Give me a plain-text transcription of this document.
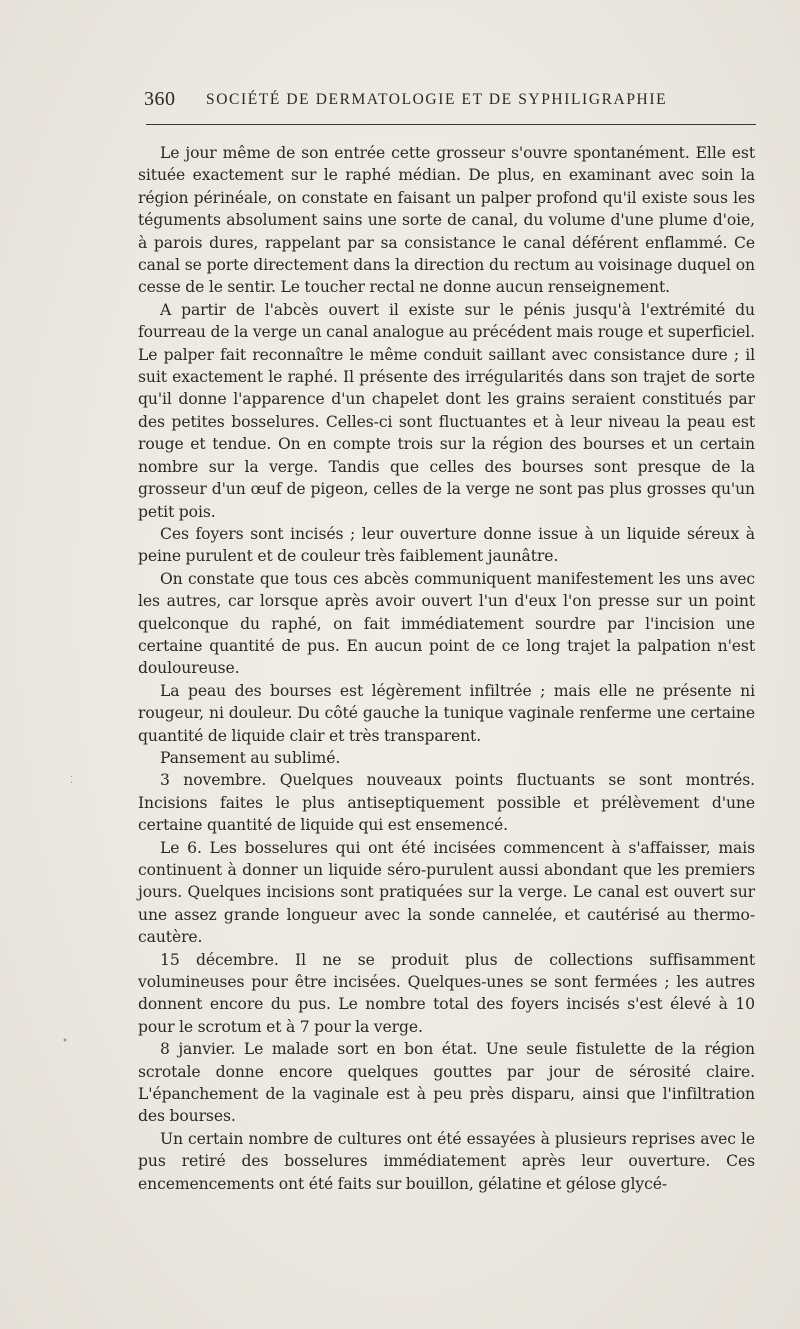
360 SOCIÉTÉ DE DERMATOLOGIE ET DE SYPHILIGRAPHIE

Le jour même de son entrée cette grosseur s'ouvre spontanément. Elle est située exactement sur le raphé médian. De plus, en examinant avec soin la région périnéale, on constate en faisant un palper profond qu'il existe sous les téguments absolument sains une sorte de canal, du volume d'une plume d'oie, à parois dures, rappelant par sa consistance le canal déférent enflammé. Ce canal se porte directement dans la direction du rectum au voisinage duquel on cesse de le sentir. Le toucher rectal ne donne aucun renseignement.

A partir de l'abcès ouvert il existe sur le pénis jusqu'à l'extrémité du fourreau de la verge un canal analogue au précédent mais rouge et superficiel. Le palper fait reconnaître le même conduit saillant avec consistance dure ; il suit exactement le raphé. Il présente des irrégularités dans son trajet de sorte qu'il donne l'apparence d'un chapelet dont les grains seraient constitués par des petites bosselures. Celles-ci sont fluctuantes et à leur niveau la peau est rouge et tendue. On en compte trois sur la région des bourses et un certain nombre sur la verge. Tandis que celles des bourses sont presque de la grosseur d'un œuf de pigeon, celles de la verge ne sont pas plus grosses qu'un petit pois.

Ces foyers sont incisés ; leur ouverture donne issue à un liquide séreux à peine purulent et de couleur très faiblement jaunâtre.

On constate que tous ces abcès communiquent manifestement les uns avec les autres, car lorsque après avoir ouvert l'un d'eux l'on presse sur un point quelconque du raphé, on fait immédiatement sourdre par l'incision une certaine quantité de pus. En aucun point de ce long trajet la palpation n'est douloureuse.

La peau des bourses est légèrement infiltrée ; mais elle ne présente ni rougeur, ni douleur. Du côté gauche la tunique vaginale renferme une certaine quantité de liquide clair et très transparent.

Pansement au sublimé.

3 novembre. Quelques nouveaux points fluctuants se sont montrés. Incisions faites le plus antiseptiquement possible et prélèvement d'une certaine quantité de liquide qui est ensemencé.

Le 6. Les bosselures qui ont été incisées commencent à s'affaisser, mais continuent à donner un liquide séro-purulent aussi abondant que les premiers jours. Quelques incisions sont pratiquées sur la verge. Le canal est ouvert sur une assez grande longueur avec la sonde cannelée, et cautérisé au thermo-cautère.

15 décembre. Il ne se produit plus de collections suffisamment volumineuses pour être incisées. Quelques-unes se sont fermées ; les autres donnent encore du pus. Le nombre total des foyers incisés s'est élevé à 10 pour le scrotum et à 7 pour la verge.

8 janvier. Le malade sort en bon état. Une seule fistulette de la région scrotale donne encore quelques gouttes par jour de sérosité claire. L'épanchement de la vaginale est à peu près disparu, ainsi que l'infiltration des bourses.

Un certain nombre de cultures ont été essayées à plusieurs reprises avec le pus retiré des bosselures immédiatement après leur ouverture. Ces encemencements ont été faits sur bouillon, gélatine et gélose glycé-

⁚
•
